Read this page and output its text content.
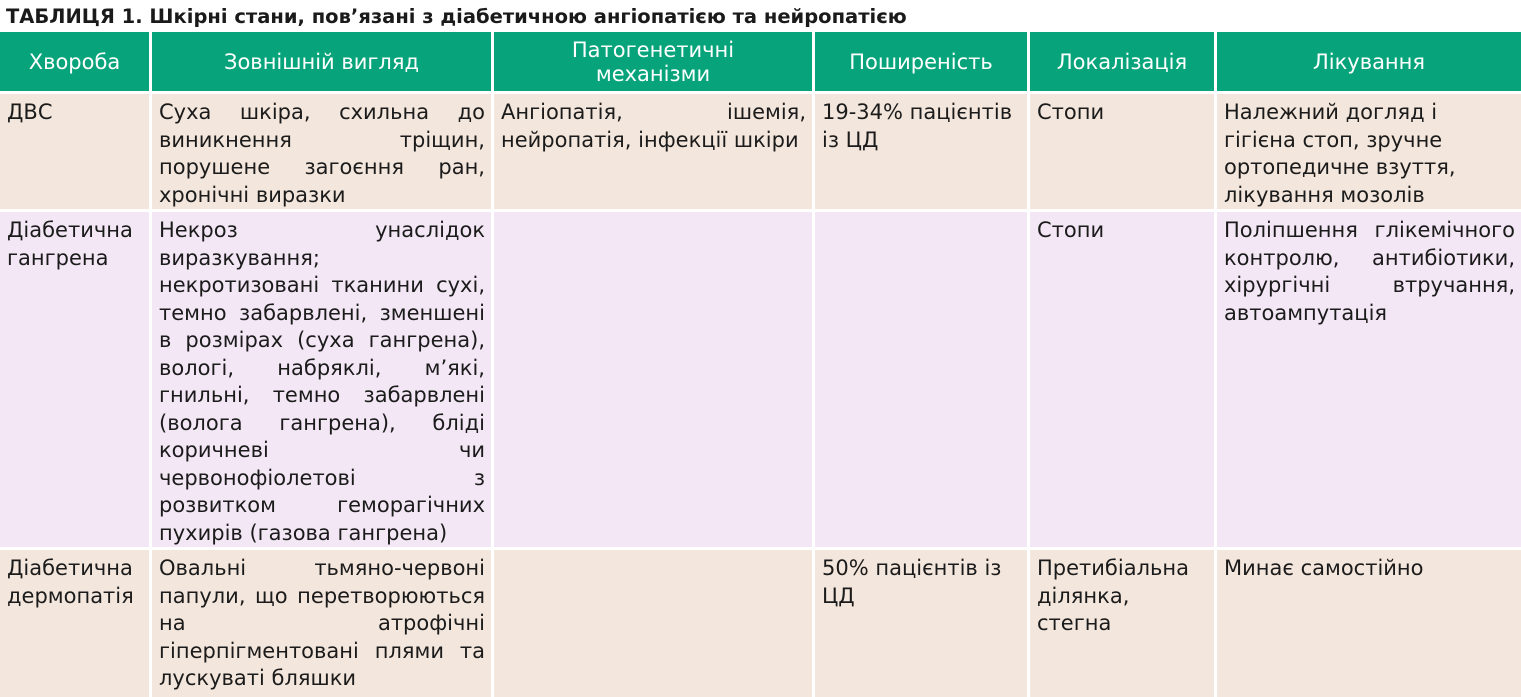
ТАБЛИЦЯ 1. Шкірні стани, пов’язані з діабетичною ангіопатією та нейропатією
Хвороба	Зовнішній вигляд	Патогенетичні механізми	Поширеність	Локалізація	Лікування
ДВС	Суха шкіра, схильна до виникнення тріщин, порушене загоєння ран, хронічні виразки	Ангіопатія, ішемія, нейропатія, інфекції шкіри	19-34% пацієнтів із ЦД	Стопи	Належний догляд і гігієна стоп, зручне ортопедичне взуття, лікування мозолів
Діабетична гангрена	Некроз унаслідок виразкування; некротизовані тканини сухі, темно забарвлені, зменшені в розмірах (суха гангрена), вологі, набряклі, м’які, гнильні, темно забарвлені (волога гангрена), бліді коричневі чи червонофіолетові з розвитком геморагічних пухирів (газова гангрена)			Стопи	Поліпшення глікемічного контролю, антибіотики, хірургічні втручання, автоампутація
Діабетична дермопатія	Овальні тьмяно-червоні папули, що перетворюються на атрофічні гіперпігментовані плями та лускуваті бляшки		50% пацієнтів із ЦД	Претибіальна ділянка, стегна	Минає самостійно
